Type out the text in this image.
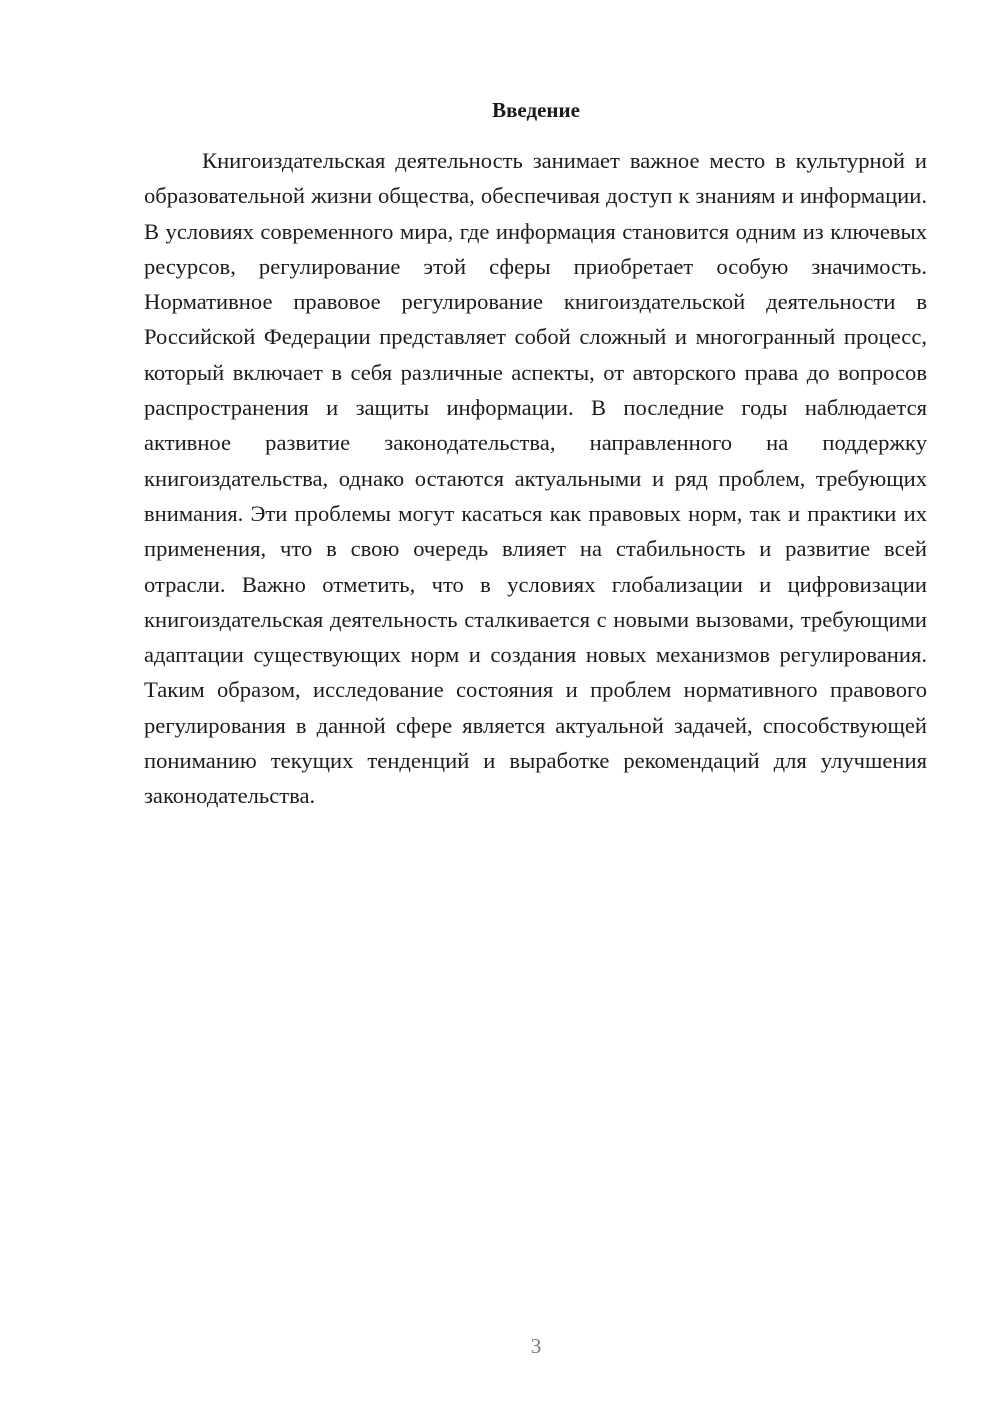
Введение

Книгоиздательская деятельность занимает важное место в культурной и образовательной жизни общества, обеспечивая доступ к знаниям и информации. В условиях современного мира, где информация становится одним из ключевых ресурсов, регулирование этой сферы приобретает особую значимость. Нормативное правовое регулирование книгоиздательской деятельности в Российской Федерации представляет собой сложный и многогранный процесс, который включает в себя различные аспекты, от авторского права до вопросов распространения и защиты информации. В последние годы наблюдается активное развитие законодательства, направленного на поддержку книгоиздательства, однако остаются актуальными и ряд проблем, требующих внимания. Эти проблемы могут касаться как правовых норм, так и практики их применения, что в свою очередь влияет на стабильность и развитие всей отрасли. Важно отметить, что в условиях глобализации и цифровизации книгоиздательская деятельность сталкивается с новыми вызовами, требующими адаптации существующих норм и создания новых механизмов регулирования. Таким образом, исследование состояния и проблем нормативного правового регулирования в данной сфере является актуальной задачей, способствующей пониманию текущих тенденций и выработке рекомендаций для улучшения законодательства.

3
